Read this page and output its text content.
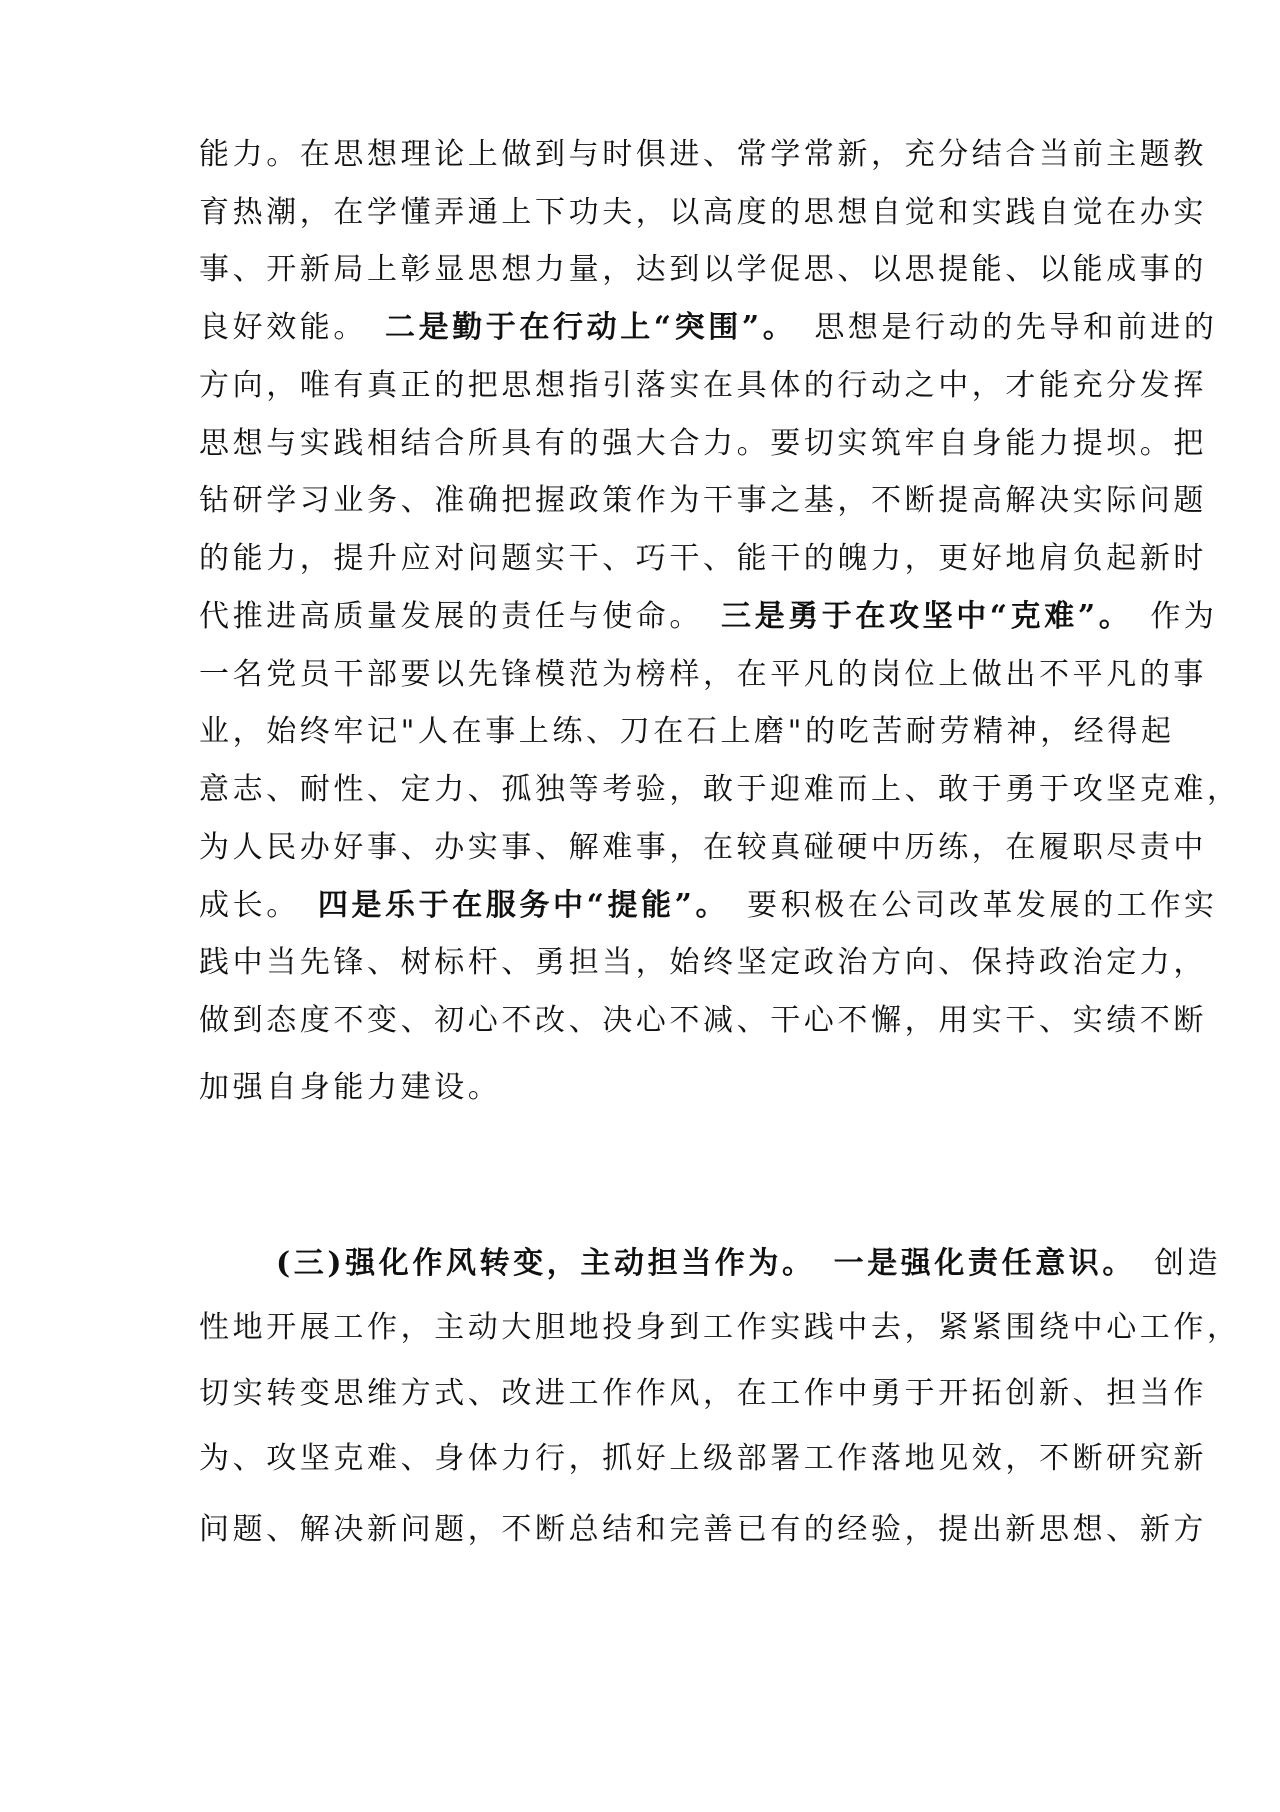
能力。在思想理论上做到与时俱进、常学常新，充分结合当前主题教
育热潮，在学懂弄通上下功夫，以高度的思想自觉和实践自觉在办实
事、开新局上彰显思想力量，达到以学促思、以思提能、以能成事的
良好效能。 二是勤于在行动上“突围”。 思想是行动的先导和前进的
方向，唯有真正的把思想指引落实在具体的行动之中，才能充分发挥
思想与实践相结合所具有的强大合力。要切实筑牢自身能力提坝。把
钻研学习业务、准确把握政策作为干事之基，不断提高解决实际问题
的能力，提升应对问题实干、巧干、能干的魄力，更好地肩负起新时
代推进高质量发展的责任与使命。 三是勇于在攻坚中“克难”。 作为
一名党员干部要以先锋模范为榜样，在平凡的岗位上做出不平凡的事
业，始终牢记"人在事上练、刀在石上磨"的吃苦耐劳精神，经得起
意志、耐性、定力、孤独等考验，敢于迎难而上、敢于勇于攻坚克难，
为人民办好事、办实事、解难事，在较真碰硬中历练，在履职尽责中
成长。 四是乐于在服务中“提能”。 要积极在公司改革发展的工作实
践中当先锋、树标杆、勇担当，始终坚定政治方向、保持政治定力，
做到态度不变、初心不改、决心不减、干心不懈，用实干、实绩不断
加强自身能力建设。
(三)强化作风转变，主动担当作为。 一是强化责任意识。 创造
性地开展工作，主动大胆地投身到工作实践中去，紧紧围绕中心工作，
切实转变思维方式、改进工作作风，在工作中勇于开拓创新、担当作
为、攻坚克难、身体力行，抓好上级部署工作落地见效，不断研究新
问题、解决新问题，不断总结和完善已有的经验，提出新思想、新方
